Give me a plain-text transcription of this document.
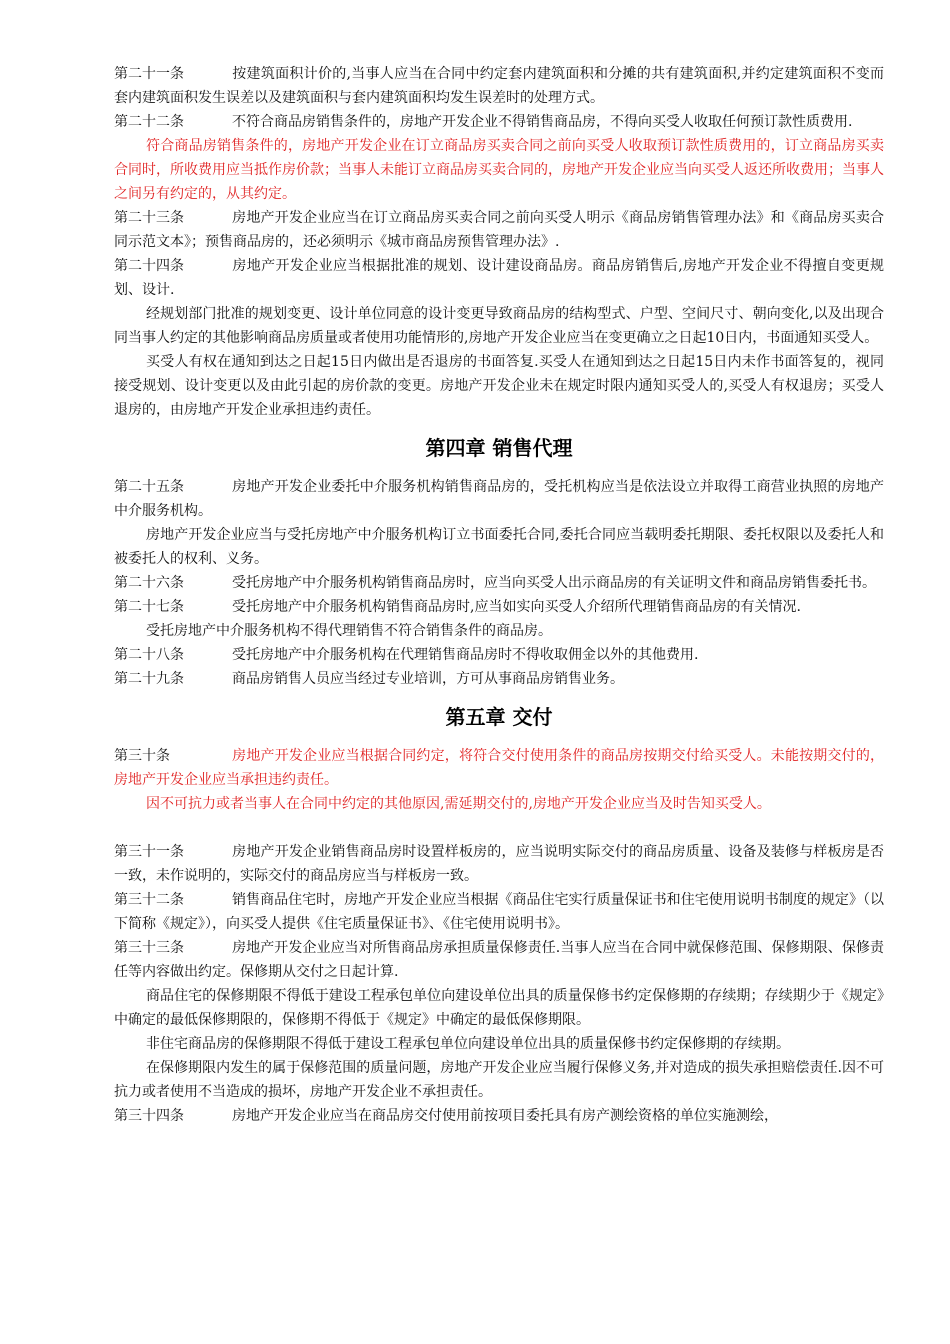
第二十一条	按建筑面积计价的,当事人应当在合同中约定套内建筑面积和分摊的共有建筑面积,并约定建筑面积不变而套内建筑面积发生误差以及建筑面积与套内建筑面积均发生误差时的处理方式。

第二十二条	不符合商品房销售条件的，房地产开发企业不得销售商品房，不得向买受人收取任何预订款性质费用.

符合商品房销售条件的，房地产开发企业在订立商品房买卖合同之前向买受人收取预订款性质费用的，订立商品房买卖合同时，所收费用应当抵作房价款；当事人未能订立商品房买卖合同的，房地产开发企业应当向买受人返还所收费用；当事人之间另有约定的，从其约定。

第二十三条	房地产开发企业应当在订立商品房买卖合同之前向买受人明示《商品房销售管理办法》和《商品房买卖合同示范文本》；预售商品房的，还必须明示《城市商品房预售管理办法》.

第二十四条	房地产开发企业应当根据批准的规划、设计建设商品房。商品房销售后,房地产开发企业不得擅自变更规划、设计.

经规划部门批准的规划变更、设计单位同意的设计变更导致商品房的结构型式、户型、空间尺寸、朝向变化,以及出现合同当事人约定的其他影响商品房质量或者使用功能情形的,房地产开发企业应当在变更确立之日起10日内，书面通知买受人。

买受人有权在通知到达之日起15日内做出是否退房的书面答复.买受人在通知到达之日起15日内未作书面答复的，视同接受规划、设计变更以及由此引起的房价款的变更。房地产开发企业未在规定时限内通知买受人的,买受人有权退房；买受人退房的，由房地产开发企业承担违约责任。

第四章 销售代理

第二十五条	房地产开发企业委托中介服务机构销售商品房的，受托机构应当是依法设立并取得工商营业执照的房地产中介服务机构。

房地产开发企业应当与受托房地产中介服务机构订立书面委托合同,委托合同应当载明委托期限、委托权限以及委托人和被委托人的权利、义务。

第二十六条	受托房地产中介服务机构销售商品房时，应当向买受人出示商品房的有关证明文件和商品房销售委托书。

第二十七条	受托房地产中介服务机构销售商品房时,应当如实向买受人介绍所代理销售商品房的有关情况.

受托房地产中介服务机构不得代理销售不符合销售条件的商品房。

第二十八条	受托房地产中介服务机构在代理销售商品房时不得收取佣金以外的其他费用.

第二十九条	商品房销售人员应当经过专业培训，方可从事商品房销售业务。

第五章 交付

第三十条	房地产开发企业应当根据合同约定，将符合交付使用条件的商品房按期交付给买受人。未能按期交付的，房地产开发企业应当承担违约责任。

因不可抗力或者当事人在合同中约定的其他原因,需延期交付的,房地产开发企业应当及时告知买受人。

第三十一条	房地产开发企业销售商品房时设置样板房的，应当说明实际交付的商品房质量、设备及装修与样板房是否一致，未作说明的，实际交付的商品房应当与样板房一致。

第三十二条	销售商品住宅时，房地产开发企业应当根据《商品住宅实行质量保证书和住宅使用说明书制度的规定》（以下简称《规定》），向买受人提供《住宅质量保证书》、《住宅使用说明书》。

第三十三条	房地产开发企业应当对所售商品房承担质量保修责任.当事人应当在合同中就保修范围、保修期限、保修责任等内容做出约定。保修期从交付之日起计算.

商品住宅的保修期限不得低于建设工程承包单位向建设单位出具的质量保修书约定保修期的存续期；存续期少于《规定》中确定的最低保修期限的，保修期不得低于《规定》中确定的最低保修期限。

非住宅商品房的保修期限不得低于建设工程承包单位向建设单位出具的质量保修书约定保修期的存续期。

在保修期限内发生的属于保修范围的质量问题，房地产开发企业应当履行保修义务,并对造成的损失承担赔偿责任.因不可抗力或者使用不当造成的损坏，房地产开发企业不承担责任。

第三十四条	房地产开发企业应当在商品房交付使用前按项目委托具有房产测绘资格的单位实施测绘，
